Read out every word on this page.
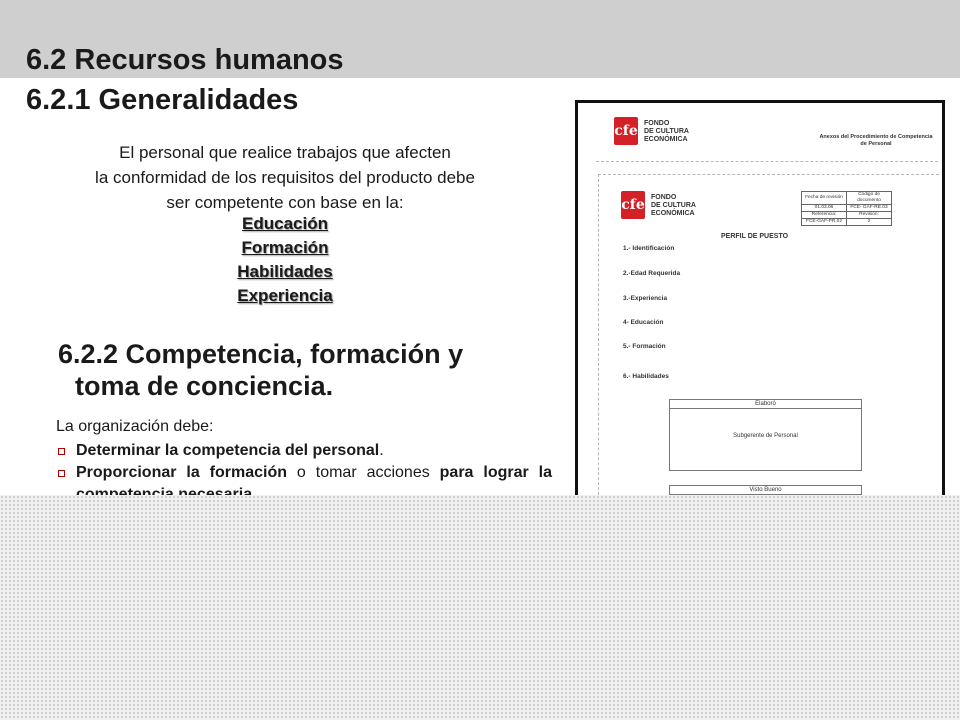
6.2 Recursos humanos
6.2.1 Generalidades
El personal que realice trabajos que afecten
la conformidad de los requisitos del producto debe
ser competente con base en la:
Educación
Formación
Habilidades
Experiencia
6.2.2 Competencia, formación y
toma de conciencia.
La organización debe:
Determinar la competencia del personal.
Proporcionar la formación o tomar acciones para lograr la
cfe FONDO
DE CULTURA
ECONÓMICA	Anexos del Procedimiento de Competencia de Personal
cfe FONDO
DE CULTURA
ECONÓMICA
Fecha de revisión	Código de documento
01.03.06	FCE- GAF-RE.03
Referencia:	Revisión:
FCE-GAF-PR.02	2
PERFIL DE PUESTO
1.- Identificación
2.-Edad Requerida
3.-Experiencia
4- Educación
5.- Formación
6.- Habilidades
Elaboró
Subgerente de Personal
Visto Bueno
